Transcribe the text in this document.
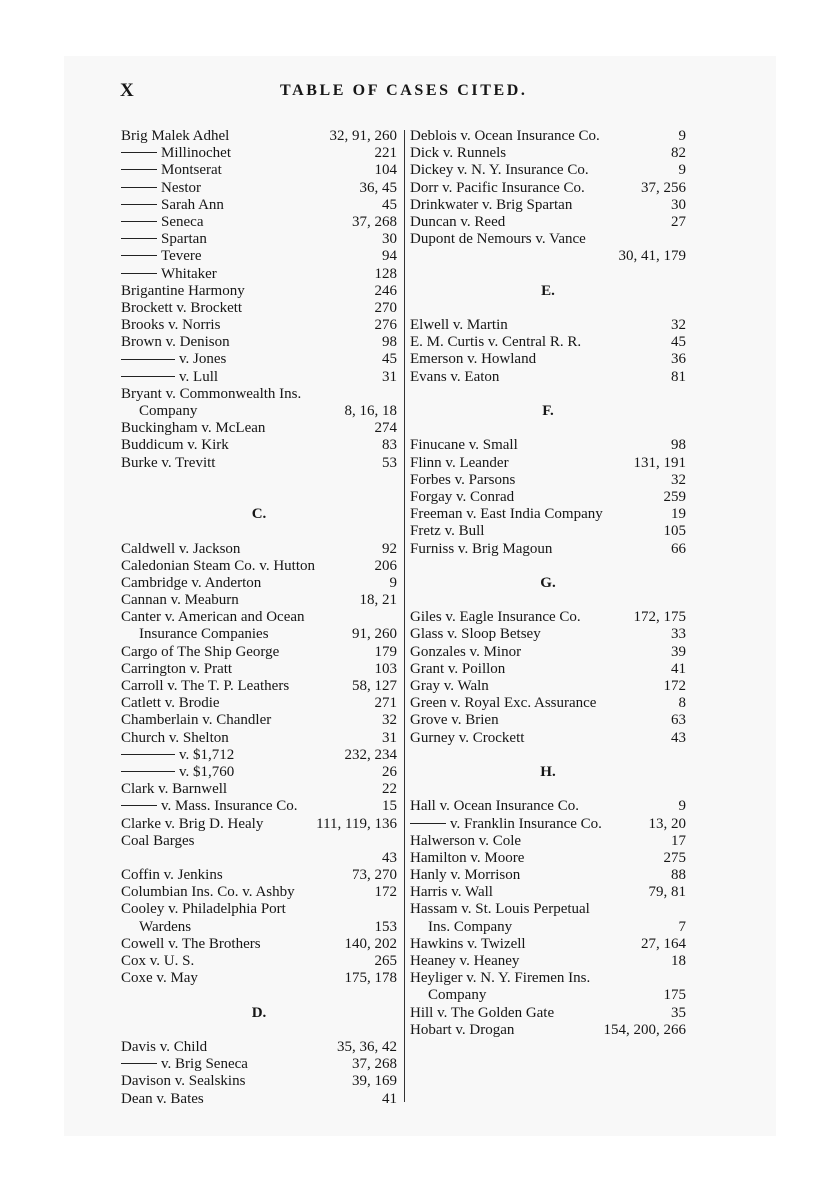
X	TABLE OF CASES CITED.
Brig Malek Adhel	32, 91, 260
Millinochet	221
Montserat	104
Nestor	36, 45
Sarah Ann	45
Seneca	37, 268
Spartan	30
Tevere	94
Whitaker	128
Brigantine Harmony	246
Brockett v. Brockett	270
Brooks v. Norris	276
Brown v. Denison	98
v. Jones	45
v. Lull	31
Bryant v. Commonwealth Ins.
Company	8, 16, 18
Buckingham v. McLean	274
Buddicum v. Kirk	83
Burke v. Trevitt	53
C.
Caldwell v. Jackson	92
Caledonian Steam Co. v. Hutton	206
Cambridge v. Anderton	9
Cannan v. Meaburn	18, 21
Canter v. American and Ocean
Insurance Companies	91, 260
Cargo of The Ship George	179
Carrington v. Pratt	103
Carroll v. The T. P. Leathers	58, 127
Catlett v. Brodie	271
Chamberlain v. Chandler	32
Church v. Shelton	31
v. $1,712	232, 234
v. $1,760	26
Clark v. Barnwell	22
v. Mass. Insurance Co.	15
Clarke v. Brig D. Healy	111, 119, 136
Coal Barges
43
Coffin v. Jenkins	73, 270
Columbian Ins. Co. v. Ashby	172
Cooley v. Philadelphia Port
Wardens	153
Cowell v. The Brothers	140, 202
Cox v. U. S.	265
Coxe v. May	175, 178
D.
Davis v. Child	35, 36, 42
v. Brig Seneca	37, 268
Davison v. Sealskins	39, 169
Dean v. Bates	41
Deblois v. Ocean Insurance Co.	9
Dick v. Runnels	82
Dickey v. N. Y. Insurance Co.	9
Dorr v. Pacific Insurance Co.	37, 256
Drinkwater v. Brig Spartan	30
Duncan v. Reed	27
Dupont de Nemours v. Vance
30, 41, 179
E.
Elwell v. Martin	32
E. M. Curtis v. Central R. R.	45
Emerson v. Howland	36
Evans v. Eaton	81
F.
Finucane v. Small	98
Flinn v. Leander	131, 191
Forbes v. Parsons	32
Forgay v. Conrad	259
Freeman v. East India Company	19
Fretz v. Bull	105
Furniss v. Brig Magoun	66
G.
Giles v. Eagle Insurance Co.	172, 175
Glass v. Sloop Betsey	33
Gonzales v. Minor	39
Grant v. Poillon	41
Gray v. Waln	172
Green v. Royal Exc. Assurance	8
Grove v. Brien	63
Gurney v. Crockett	43
H.
Hall v. Ocean Insurance Co.	9
v. Franklin Insurance Co.	13, 20
Halwerson v. Cole	17
Hamilton v. Moore	275
Hanly v. Morrison	88
Harris v. Wall	79, 81
Hassam v. St. Louis Perpetual
Ins. Company	7
Hawkins v. Twizell	27, 164
Heaney v. Heaney	18
Heyliger v. N. Y. Firemen Ins.
Company	175
Hill v. The Golden Gate	35
Hobart v. Drogan	154, 200, 266
